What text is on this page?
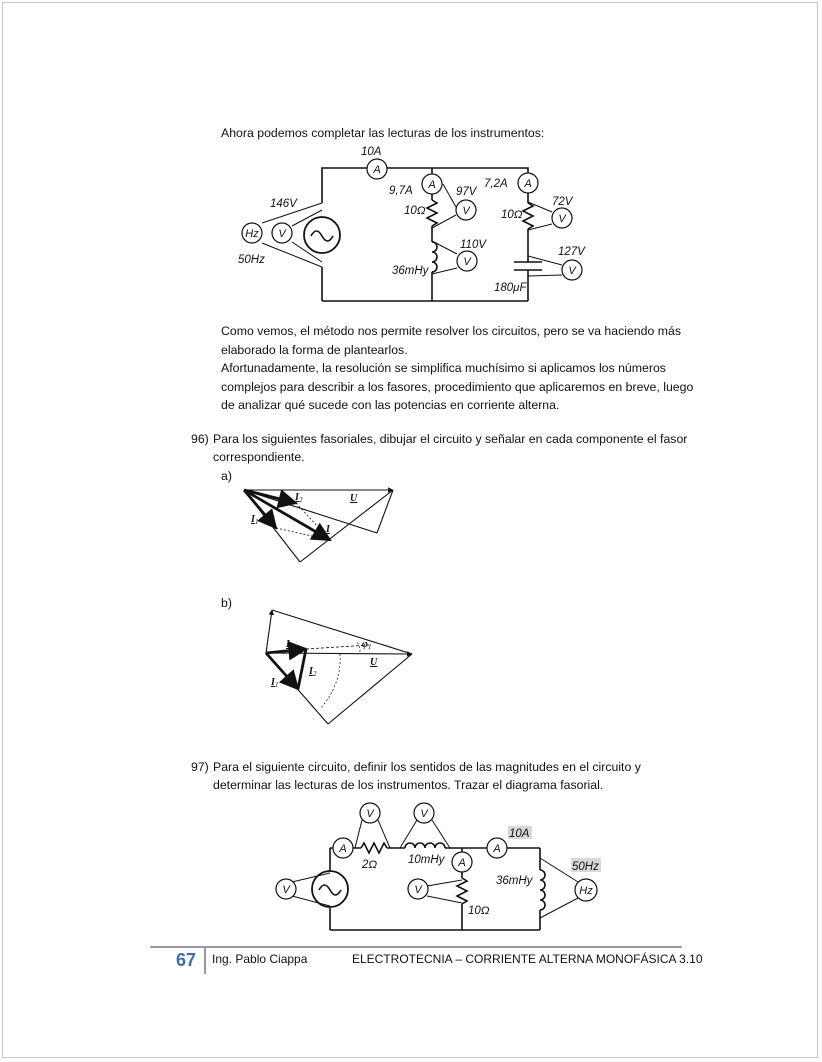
Ahora podemos completar las lecturas de los instrumentos:
A
A	A
Hz V
V
V
V
V
10A
9,7A
7,2A
146V
50Hz
10Ω
97V
36mHy
110V
10Ω
72V
180μF
127V
Como vemos, el método nos permite resolver los circuitos, pero se va haciendo más
elaborado la forma de plantearlos.
Afortunadamente, la resolución se simplifica muchísimo si aplicamos los números
complejos para describir a los fasores, procedimiento que aplicaremos en breve, luego
de analizar qué sucede con las potencias en corriente alterna.
96) Para los siguientes fasoriales, dibujar el circuito y señalar en cada componente el fasor
correspondiente.
a)
I 2	U
I 1
I
b)
I	φ 1
I 2
U
I 1
97) Para el siguiente circuito, definir los sentidos de las magnitudes en el circuito y
determinar las lecturas de los instrumentos. Trazar el diagrama fasorial.
V	V
A	A
A
V	V	Hz
2Ω	10mHy
10A
50Hz
36mHy
10Ω
67 Ing. Pablo Ciappa	ELECTROTECNIA – CORRIENTE ALTERNA MONOFÁSICA 3.10
